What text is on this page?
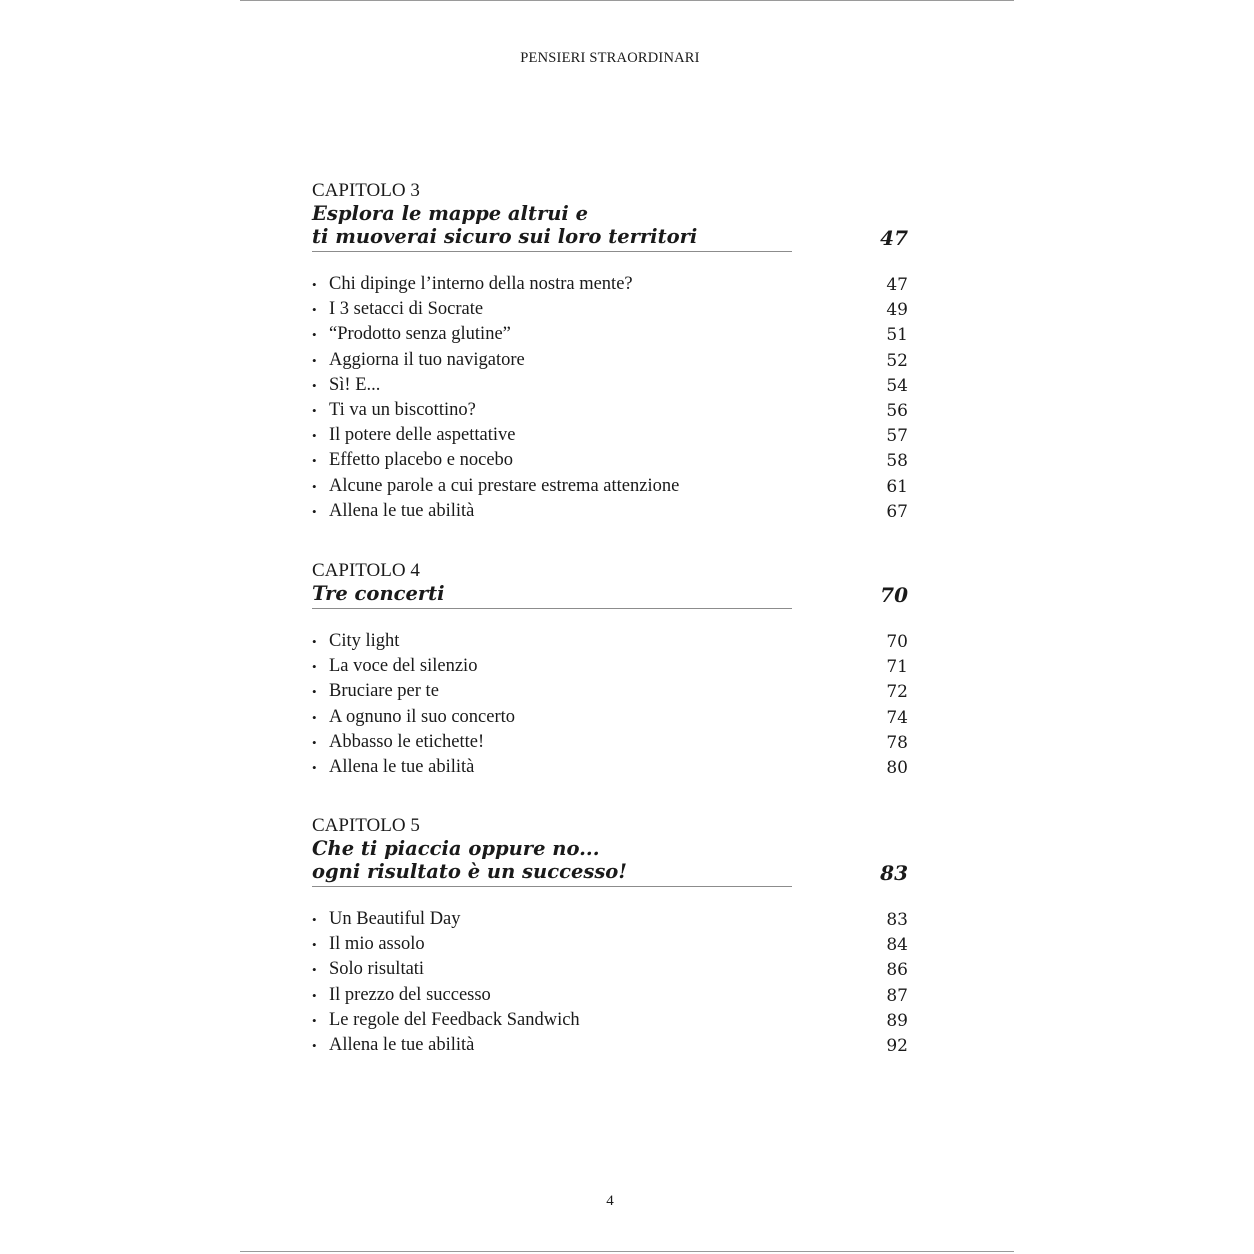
PENSIERI STRAORDINARI
CAPITOLO 3
Esplora le mappe altrui e
ti muoverai sicuro sui loro territori	47
• Chi dipinge l’interno della nostra mente?	47
• I 3 setacci di Socrate	49
• “Prodotto senza glutine”	51
• Aggiorna il tuo navigatore	52
• Sì! E...	54
• Ti va un biscottino?	56
• Il potere delle aspettative	57
• Effetto placebo e nocebo	58
• Alcune parole a cui prestare estrema attenzione	61
• Allena le tue abilità	67
CAPITOLO 4
Tre concerti	70
• City light	70
• La voce del silenzio	71
• Bruciare per te	72
• A ognuno il suo concerto	74
• Abbasso le etichette!	78
• Allena le tue abilità	80
CAPITOLO 5
Che ti piaccia oppure no...
ogni risultato è un successo!	83
• Un Beautiful Day	83
• Il mio assolo	84
• Solo risultati	86
• Il prezzo del successo	87
• Le regole del Feedback Sandwich	89
• Allena le tue abilità	92
4
